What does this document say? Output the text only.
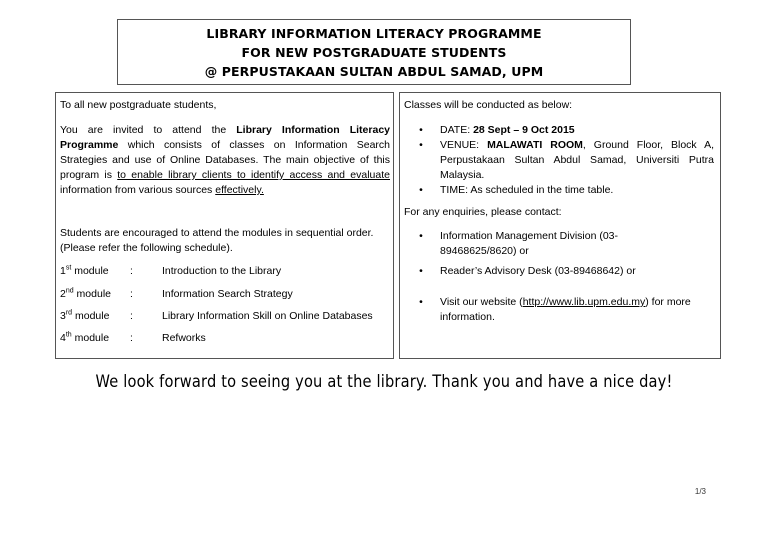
LIBRARY INFORMATION LITERACY PROGRAMME
FOR NEW POSTGRADUATE STUDENTS
@ PERPUSTAKAAN SULTAN ABDUL SAMAD, UPM
To all new postgraduate students,
You are invited to attend the Library Information Literacy Programme which consists of classes on Information Search Strategies and use of Online Databases. The main objective of this program is to enable library clients to identify access and evaluate information from various sources effectively.
Students are encouraged to attend the modules in sequential order. (Please refer the following schedule).
1st module :	Introduction to the Library
2nd module :	Information Search Strategy
3rd module :	Library Information Skill on Online Databases
4th module :	Refworks
Classes will be conducted as below:
•	DATE: 28 Sept – 9 Oct 2015
•	VENUE: MALAWATI ROOM, Ground Floor, Block A, Perpustakaan Sultan Abdul Samad, Universiti Putra Malaysia.
•	TIME: As scheduled in the time table.
For any enquiries, please contact:
•	Information Management Division (03-89468625/8620) or
•	Reader’s Advisory Desk (03-89468642) or
•	Visit our website (http://www.lib.upm.edu.my) for more information.
We look forward to seeing you at the library. Thank you and have a nice day!
1/3
